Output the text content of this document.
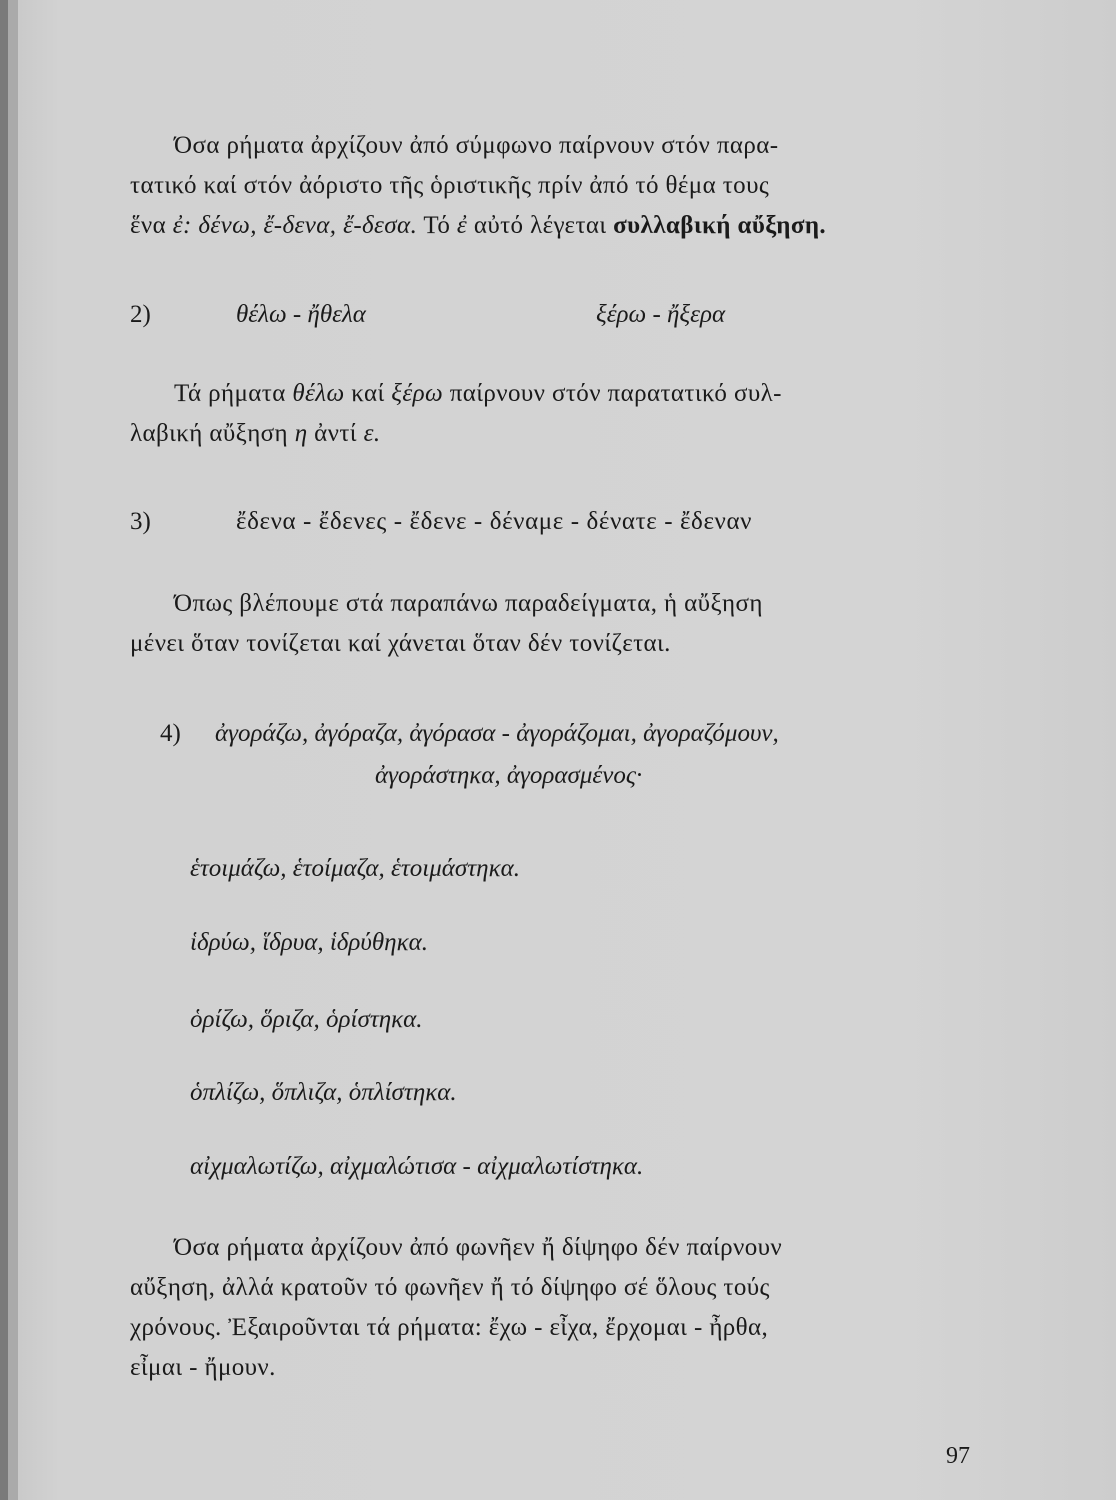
Όσα ρήματα ἀρχίζουν ἀπό σύμφωνο παίρνουν στόν παρα-
τατικό καί στόν ἀόριστο τῆς ὁριστικῆς πρίν ἀπό τό θέμα τους
ἕνα ἐ: δένω, ἔ-δενα, ἔ-δεσα. Τό ἐ αὐτό λέγεται συλλαβική αὔξηση.
2)	θέλω - ἤθελα	ξέρω - ἤξερα
Τά ρήματα θέλω καί ξέρω παίρνουν στόν παρατατικό συλ-
λαβική αὔξηση η ἀντί ε.
3)	ἔδενα - ἔδενες - ἔδενε - δέναμε - δένατε - ἔδεναν
Όπως βλέπουμε στά παραπάνω παραδείγματα, ἡ αὔξηση
μένει ὅταν τονίζεται καί χάνεται ὅταν δέν τονίζεται.
4) ἀγοράζω, ἀγόραζα, ἀγόρασα - ἀγοράζομαι, ἀγοραζόμουν,
ἀγοράστηκα, ἀγορασμένος·
ἑτοιμάζω, ἑτοίμαζα, ἑτοιμάστηκα.
ἱδρύω, ἵδρυα, ἱδρύθηκα.
ὁρίζω, ὅριζα, ὁρίστηκα.
ὁπλίζω, ὅπλιζα, ὁπλίστηκα.
αἰχμαλωτίζω, αἰχμαλώτισα - αἰχμαλωτίστηκα.
Όσα ρήματα ἀρχίζουν ἀπό φωνῆεν ἤ δίψηφο δέν παίρνουν
αὔξηση, ἀλλά κρατοῦν τό φωνῆεν ἤ τό δίψηφο σέ ὅλους τούς
χρόνους. Ἐξαιροῦνται τά ρήματα: ἔχω - εἶχα, ἔρχομαι - ἦρθα,
εἶμαι - ἤμουν.
97
